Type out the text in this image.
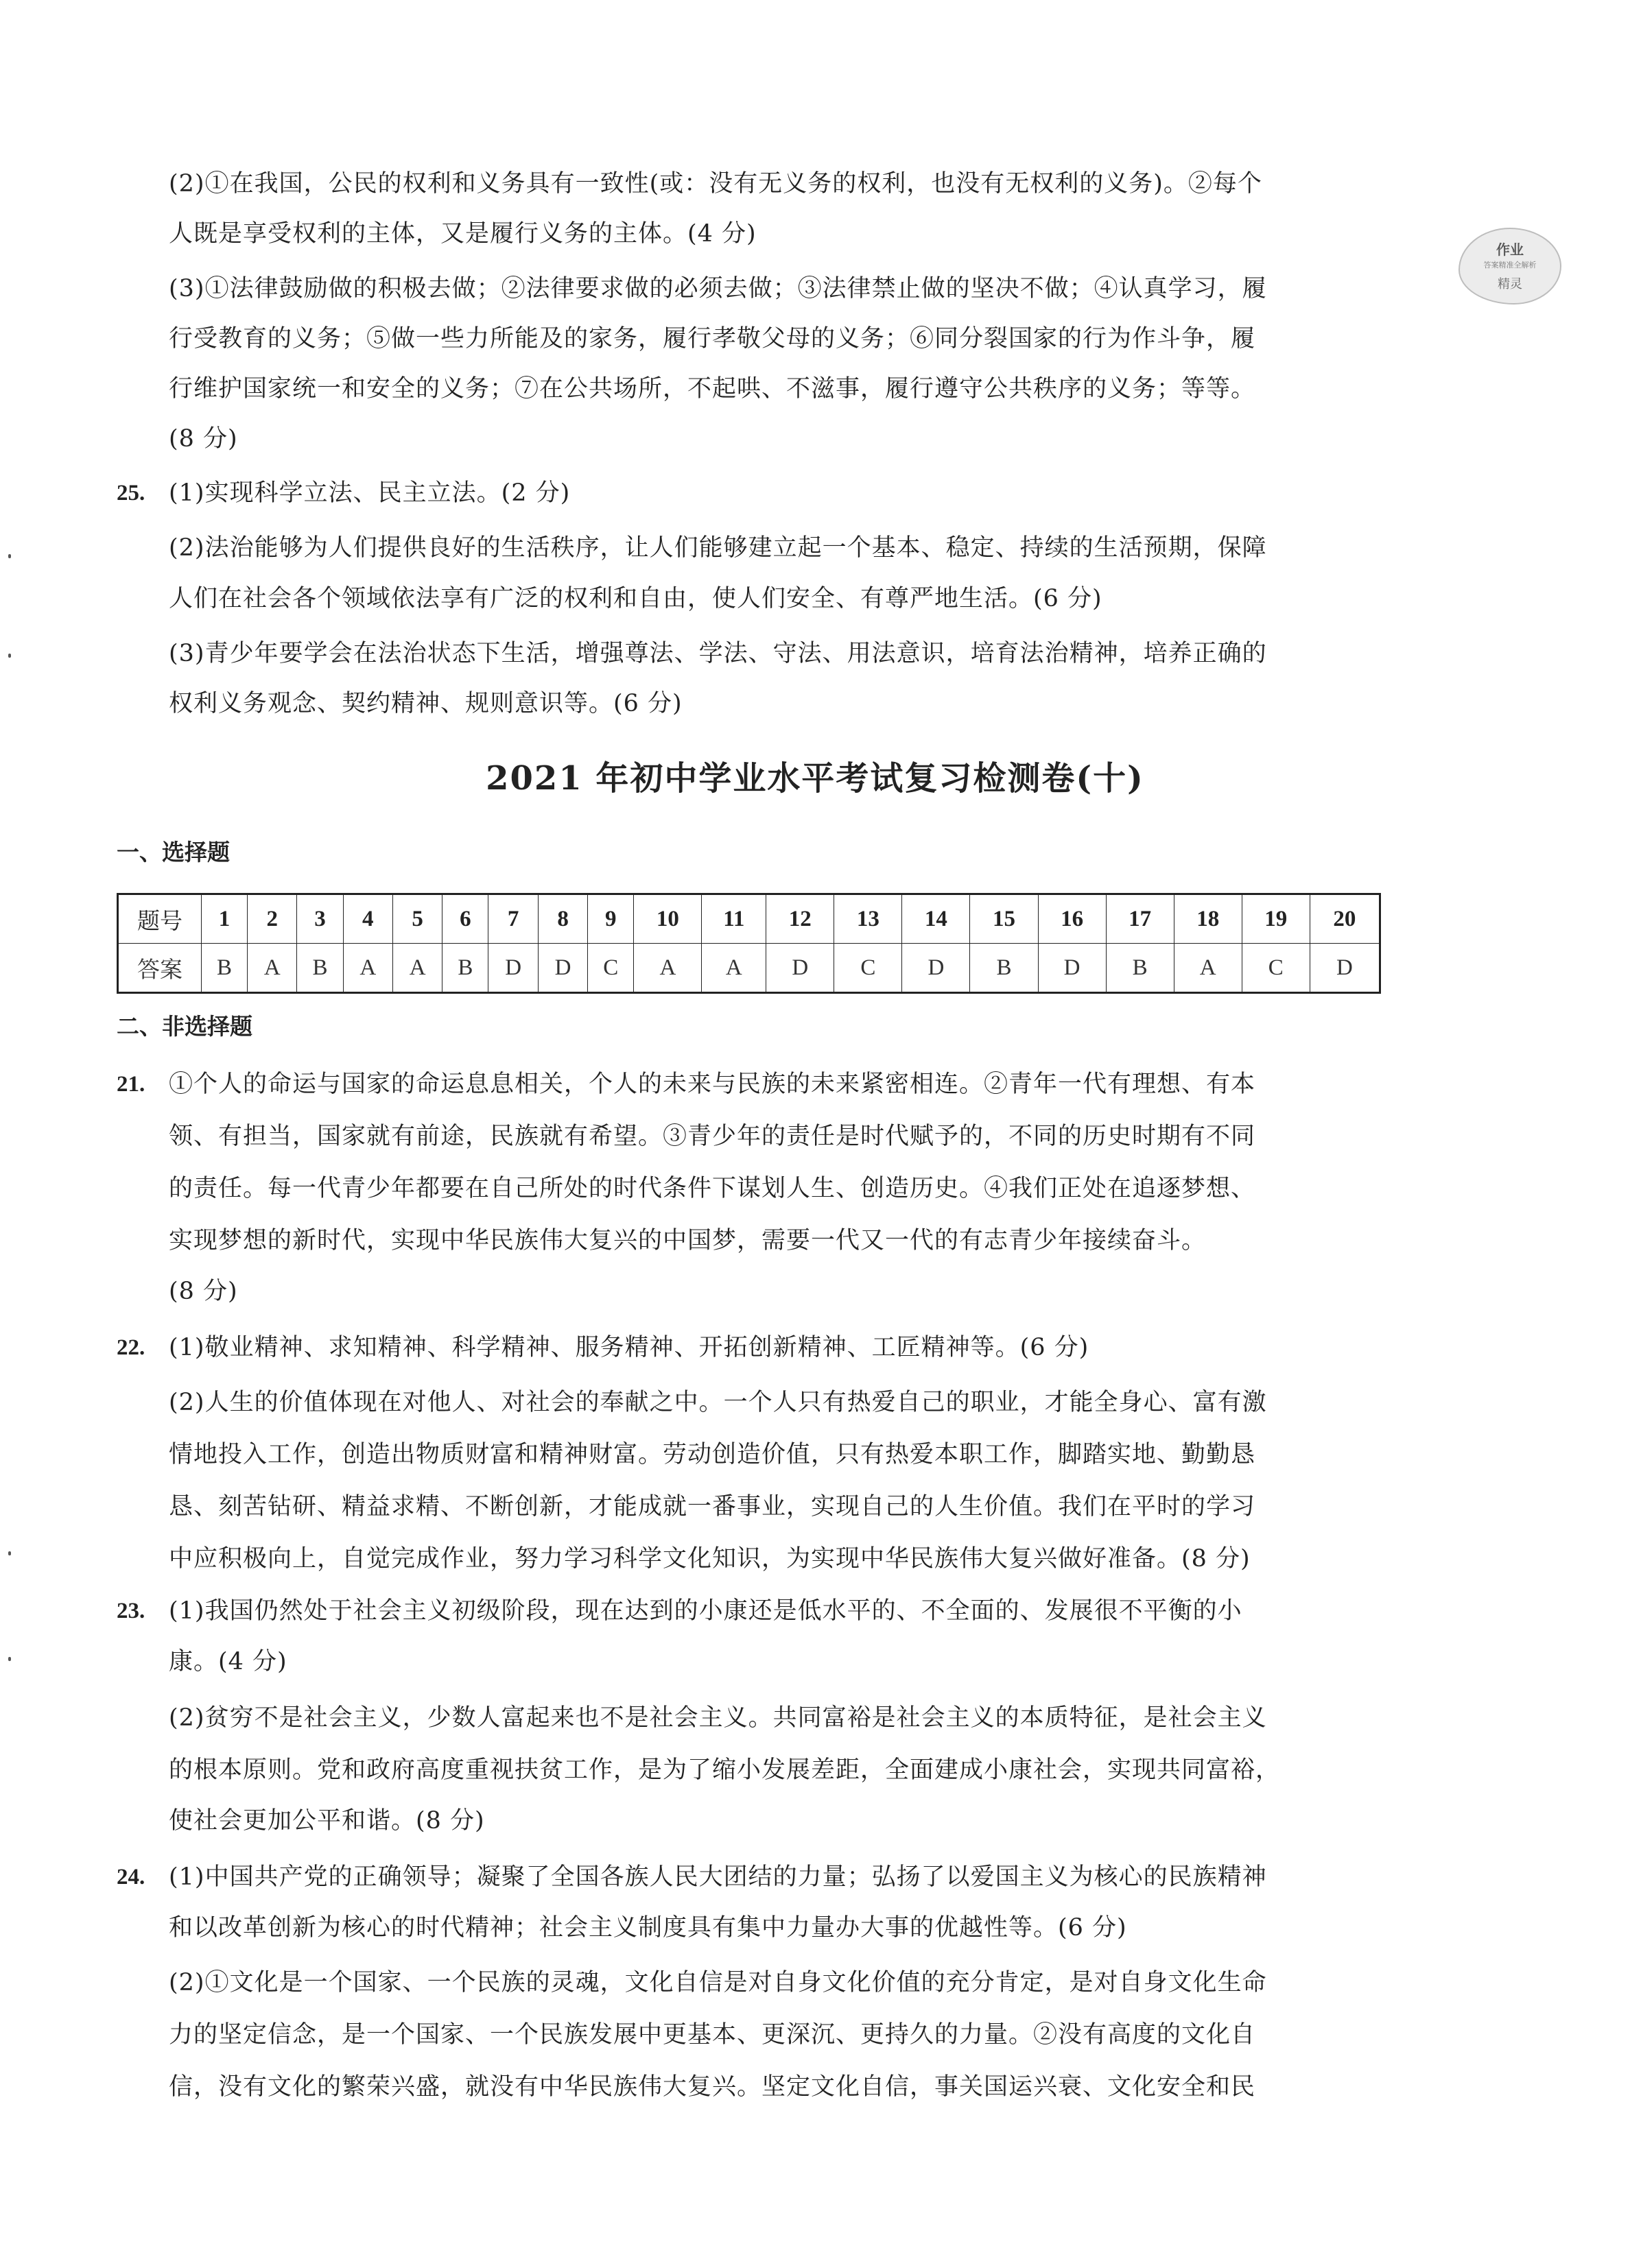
作业
答案精准全解析
精灵
(2)①在我国，公民的权利和义务具有一致性(或：没有无义务的权利，也没有无权利的义务)。②每个
人既是享受权利的主体，又是履行义务的主体。(4 分)
(3)①法律鼓励做的积极去做；②法律要求做的必须去做；③法律禁止做的坚决不做；④认真学习，履
行受教育的义务；⑤做一些力所能及的家务，履行孝敬父母的义务；⑥同分裂国家的行为作斗争，履
行维护国家统一和安全的义务；⑦在公共场所，不起哄、不滋事，履行遵守公共秩序的义务；等等。
(8 分)
25. (1)实现科学立法、民主立法。(2 分)
(2)法治能够为人们提供良好的生活秩序，让人们能够建立起一个基本、稳定、持续的生活预期，保障
人们在社会各个领域依法享有广泛的权利和自由，使人们安全、有尊严地生活。(6 分)
(3)青少年要学会在法治状态下生活，增强尊法、学法、守法、用法意识，培育法治精神，培养正确的
权利义务观念、契约精神、规则意识等。(6 分)
2021 年初中学业水平考试复习检测卷(十)
一、选择题
题号	1	2	3	4	5	6	7	8	9	10	11	12	13	14	15	16	17	18	19	20
答案	B	A	B	A	A	B	D	D	C	A	A	D	C	D	B	D	B	A	C	D
二、非选择题
21. ①个人的命运与国家的命运息息相关，个人的未来与民族的未来紧密相连。②青年一代有理想、有本
领、有担当，国家就有前途，民族就有希望。③青少年的责任是时代赋予的，不同的历史时期有不同
的责任。每一代青少年都要在自己所处的时代条件下谋划人生、创造历史。④我们正处在追逐梦想、
实现梦想的新时代，实现中华民族伟大复兴的中国梦，需要一代又一代的有志青少年接续奋斗。
(8 分)
22. (1)敬业精神、求知精神、科学精神、服务精神、开拓创新精神、工匠精神等。(6 分)
(2)人生的价值体现在对他人、对社会的奉献之中。一个人只有热爱自己的职业，才能全身心、富有激
情地投入工作，创造出物质财富和精神财富。劳动创造价值，只有热爱本职工作，脚踏实地、勤勤恳
恳、刻苦钻研、精益求精、不断创新，才能成就一番事业，实现自己的人生价值。我们在平时的学习
中应积极向上，自觉完成作业，努力学习科学文化知识，为实现中华民族伟大复兴做好准备。(8 分)
23. (1)我国仍然处于社会主义初级阶段，现在达到的小康还是低水平的、不全面的、发展很不平衡的小
康。(4 分)
(2)贫穷不是社会主义，少数人富起来也不是社会主义。共同富裕是社会主义的本质特征，是社会主义
的根本原则。党和政府高度重视扶贫工作，是为了缩小发展差距，全面建成小康社会，实现共同富裕，
使社会更加公平和谐。(8 分)
24. (1)中国共产党的正确领导；凝聚了全国各族人民大团结的力量；弘扬了以爱国主义为核心的民族精神
和以改革创新为核心的时代精神；社会主义制度具有集中力量办大事的优越性等。(6 分)
(2)①文化是一个国家、一个民族的灵魂，文化自信是对自身文化价值的充分肯定，是对自身文化生命
力的坚定信念，是一个国家、一个民族发展中更基本、更深沉、更持久的力量。②没有高度的文化自
信，没有文化的繁荣兴盛，就没有中华民族伟大复兴。坚定文化自信，事关国运兴衰、文化安全和民
